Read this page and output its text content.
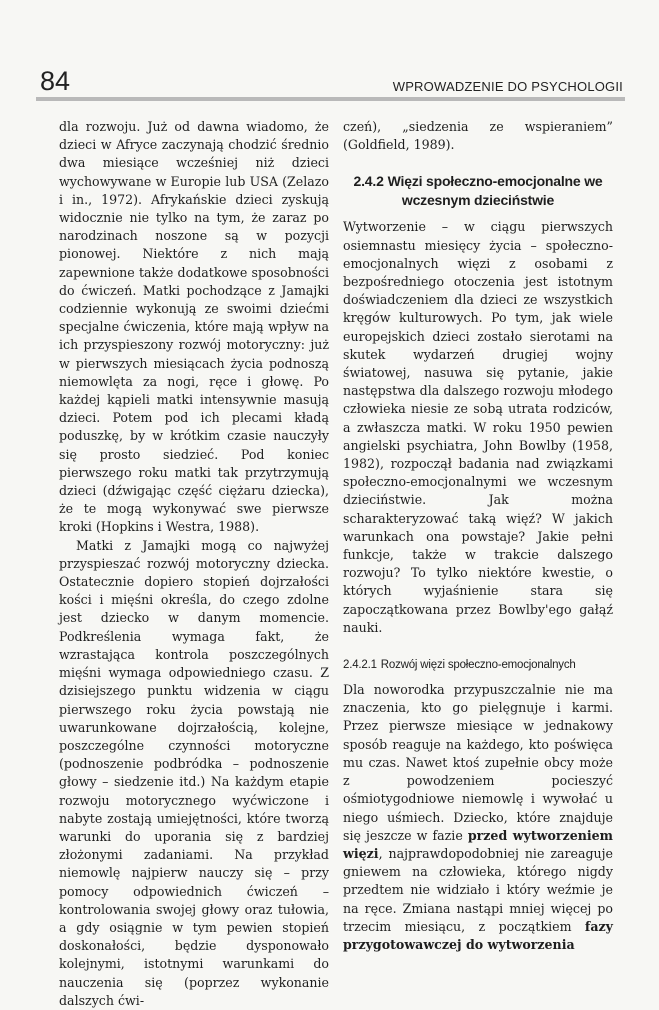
84	WPROWADZENIE DO PSYCHOLOGII

dla rozwoju. Już od dawna wiadomo, że dzieci w Afryce zaczynają chodzić średnio dwa miesiące wcześniej niż dzieci wychowywane w Europie lub USA (Zelazo i in., 1972). Afrykańskie dzieci zyskują widocznie nie tylko na tym, że zaraz po narodzinach noszone są w pozycji pionowej. Niektóre z nich mają zapewnione także dodatkowe sposobności do ćwiczeń. Matki pochodzące z Jamajki codziennie wykonują ze swoimi dziećmi specjalne ćwiczenia, które mają wpływ na ich przyspieszony rozwój motoryczny: już w pierwszych miesiącach życia podnoszą niemowlęta za nogi, ręce i głowę. Po każdej kąpieli matki intensywnie masują dzieci. Potem pod ich plecami kładą poduszkę, by w krótkim czasie nauczyły się prosto siedzieć. Pod koniec pierwszego roku matki tak przytrzymują dzieci (dźwigając część ciężaru dziecka), że te mogą wykonywać swe pierwsze kroki (Hopkins i Westra, 1988).

Matki z Jamajki mogą co najwyżej przyspieszać rozwój motoryczny dziecka. Ostatecznie dopiero stopień dojrzałości kości i mięśni określa, do czego zdolne jest dziecko w danym momencie. Podkreślenia wymaga fakt, że wzrastająca kontrola poszczególnych mięśni wymaga odpowiedniego czasu. Z dzisiejszego punktu widzenia w ciągu pierwszego roku życia powstają nie uwarunkowane dojrzałością, kolejne, poszczególne czynności motoryczne (podnoszenie podbródka – podnoszenie głowy – siedzenie itd.) Na każdym etapie rozwoju motorycznego wyćwiczone i nabyte zostają umiejętności, które tworzą warunki do uporania się z bardziej złożonymi zadaniami. Na przykład niemowlę najpierw nauczy się – przy pomocy odpowiednich ćwiczeń – kontrolowania swojej głowy oraz tułowia, a gdy osiągnie w tym pewien stopień doskonałości, będzie dysponowało kolejnymi, istotnymi warunkami do nauczenia się (poprzez wykonanie dalszych ćwi-

czeń), „siedzenia ze wspieraniem” (Goldfield, 1989).

2.4.2 Więzi społeczno-emocjonalne we wczesnym dzieciństwie

Wytworzenie – w ciągu pierwszych osiemnastu miesięcy życia – społeczno-emocjonalnych więzi z osobami z bezpośredniego otoczenia jest istotnym doświadczeniem dla dzieci ze wszystkich kręgów kulturowych. Po tym, jak wiele europejskich dzieci zostało sierotami na skutek wydarzeń drugiej wojny światowej, nasuwa się pytanie, jakie następstwa dla dalszego rozwoju młodego człowieka niesie ze sobą utrata rodziców, a zwłaszcza matki. W roku 1950 pewien angielski psychiatra, John Bowlby (1958, 1982), rozpoczął badania nad związkami społeczno-emocjonalnymi we wczesnym dzieciństwie. Jak można scharakteryzować taką więź? W jakich warunkach ona powstaje? Jakie pełni funkcje, także w trakcie dalszego rozwoju? To tylko niektóre kwestie, o których wyjaśnienie stara się zapoczątkowana przez Bowlby'ego gałąź nauki.

2.4.2.1 Rozwój więzi społeczno-emocjonalnych

Dla noworodka przypuszczalnie nie ma znaczenia, kto go pielęgnuje i karmi. Przez pierwsze miesiące w jednakowy sposób reaguje na każdego, kto poświęca mu czas. Nawet ktoś zupełnie obcy może z powodzeniem pocieszyć ośmiotygodniowe niemowlę i wywołać u niego uśmiech. Dziecko, które znajduje się jeszcze w fazie przed wytworzeniem więzi, najprawdopodobniej nie zareaguje gniewem na człowieka, którego nigdy przedtem nie widziało i który weźmie je na ręce. Zmiana nastąpi mniej więcej po trzecim miesiącu, z początkiem fazy przygotowawczej do wytworzenia
